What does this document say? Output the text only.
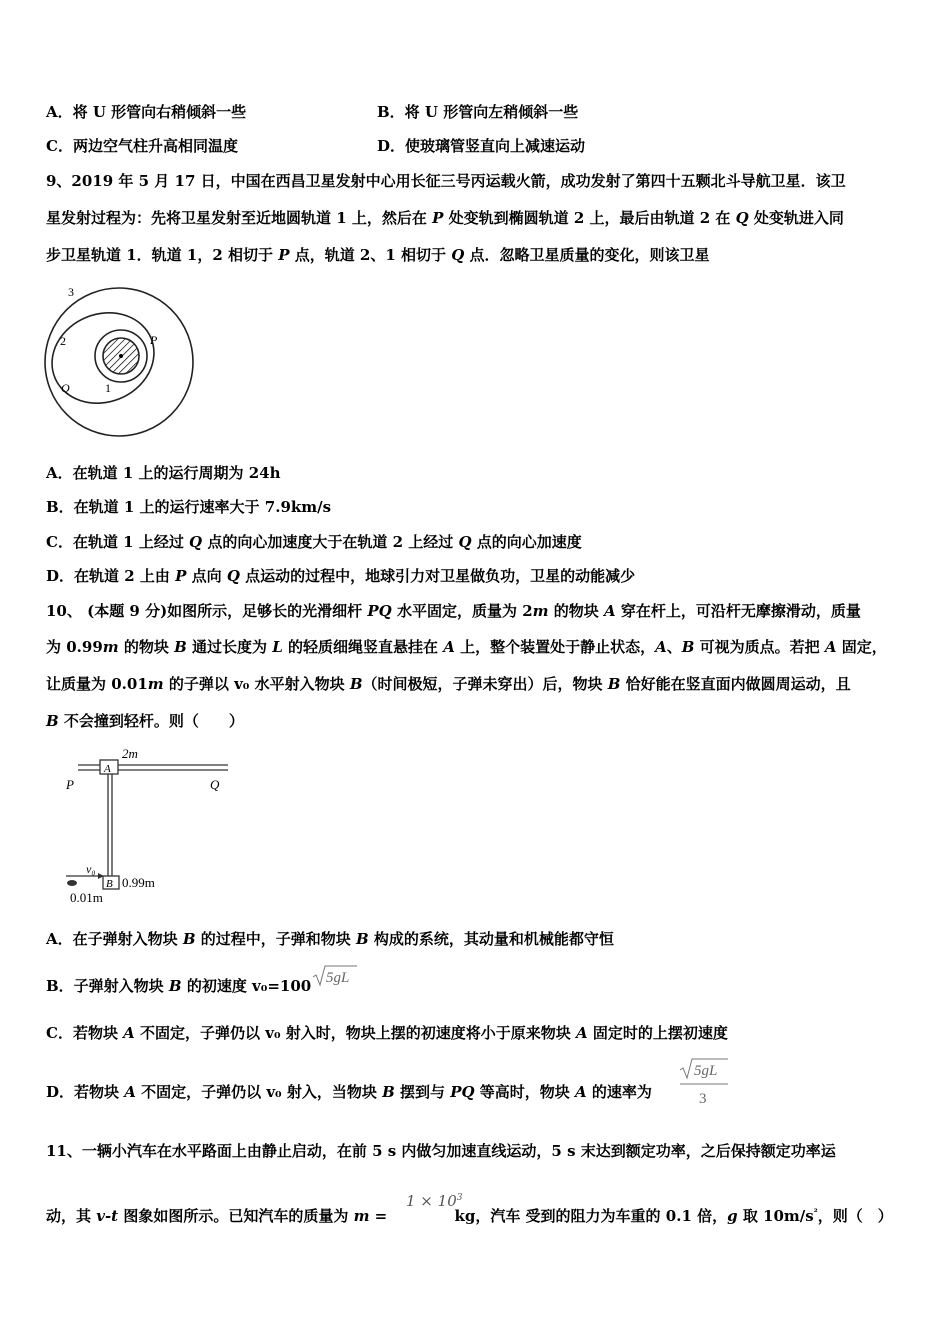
A．将 U 形管向右稍倾斜一些	B．将 U 形管向左稍倾斜一些
C．两边空气柱升高相同温度	D．使玻璃管竖直向上减速运动
9、2019 年 5 月 17 日，中国在西昌卫星发射中心用长征三号丙运载火箭，成功发射了第四十五颗北斗导航卫星．该卫
星发射过程为：先将卫星发射至近地圆轨道 1 上，然后在 P 处变轨到椭圆轨道 2 上，最后由轨道 2 在 Q 处变轨进入同
步卫星轨道 1．轨道 1，2 相切于 P 点，轨道 2、1 相切于 Q 点．忽略卫星质量的变化，则该卫星
3
2
1
P
Q
A．在轨道 1 上的运行周期为 24h
B．在轨道 1 上的运行速率大于 7.9km/s
C．在轨道 1 上经过 Q 点的向心加速度大于在轨道 2 上经过 Q 点的向心加速度
D．在轨道 2 上由 P 点向 Q 点运动的过程中，地球引力对卫星做负功，卫星的动能减少
10、 (本题 9 分)如图所示，足够长的光滑细杆 PQ 水平固定，质量为 2m 的物块 A 穿在杆上，可沿杆无摩擦滑动，质量
为 0.99m 的物块 B 通过长度为 L 的轻质细绳竖直悬挂在 A 上，整个装置处于静止状态，A、B 可视为质点。若把 A 固定，
让质量为 0.01m 的子弹以 v₀ 水平射入物块 B（时间极短，子弹未穿出）后，物块 B 恰好能在竖直面内做圆周运动，且
B 不会撞到轻杆。则（　　）
A
2m
P	Q
B 0.99m
v₀
0.01m
A．在子弹射入物块 B 的过程中，子弹和物块 B 构成的系统，其动量和机械能都守恒
B．子弹射入物块 B 的初速度 v₀=100 5gL
C．若物块 A 不固定，子弹仍以 v₀ 射入时，物块上摆的初速度将小于原来物块 A 固定时的上摆初速度
D．若物块 A 不固定，子弹仍以 v₀ 射入，当物块 B 摆到与 PQ 等高时，物块 A 的速率为
5gL
3
11、一辆小汽车在水平路面上由静止启动，在前 5 s 内做匀加速直线运动，5 s 末达到额定功率，之后保持额定功率运
动，其 v-t 图象如图所示。已知汽车的质量为 m =	kg，汽车 受到的阻力为车重的 0.1 倍，g 取 $10m/s^{^2}$，则（　）
$1 \times 10^3$
